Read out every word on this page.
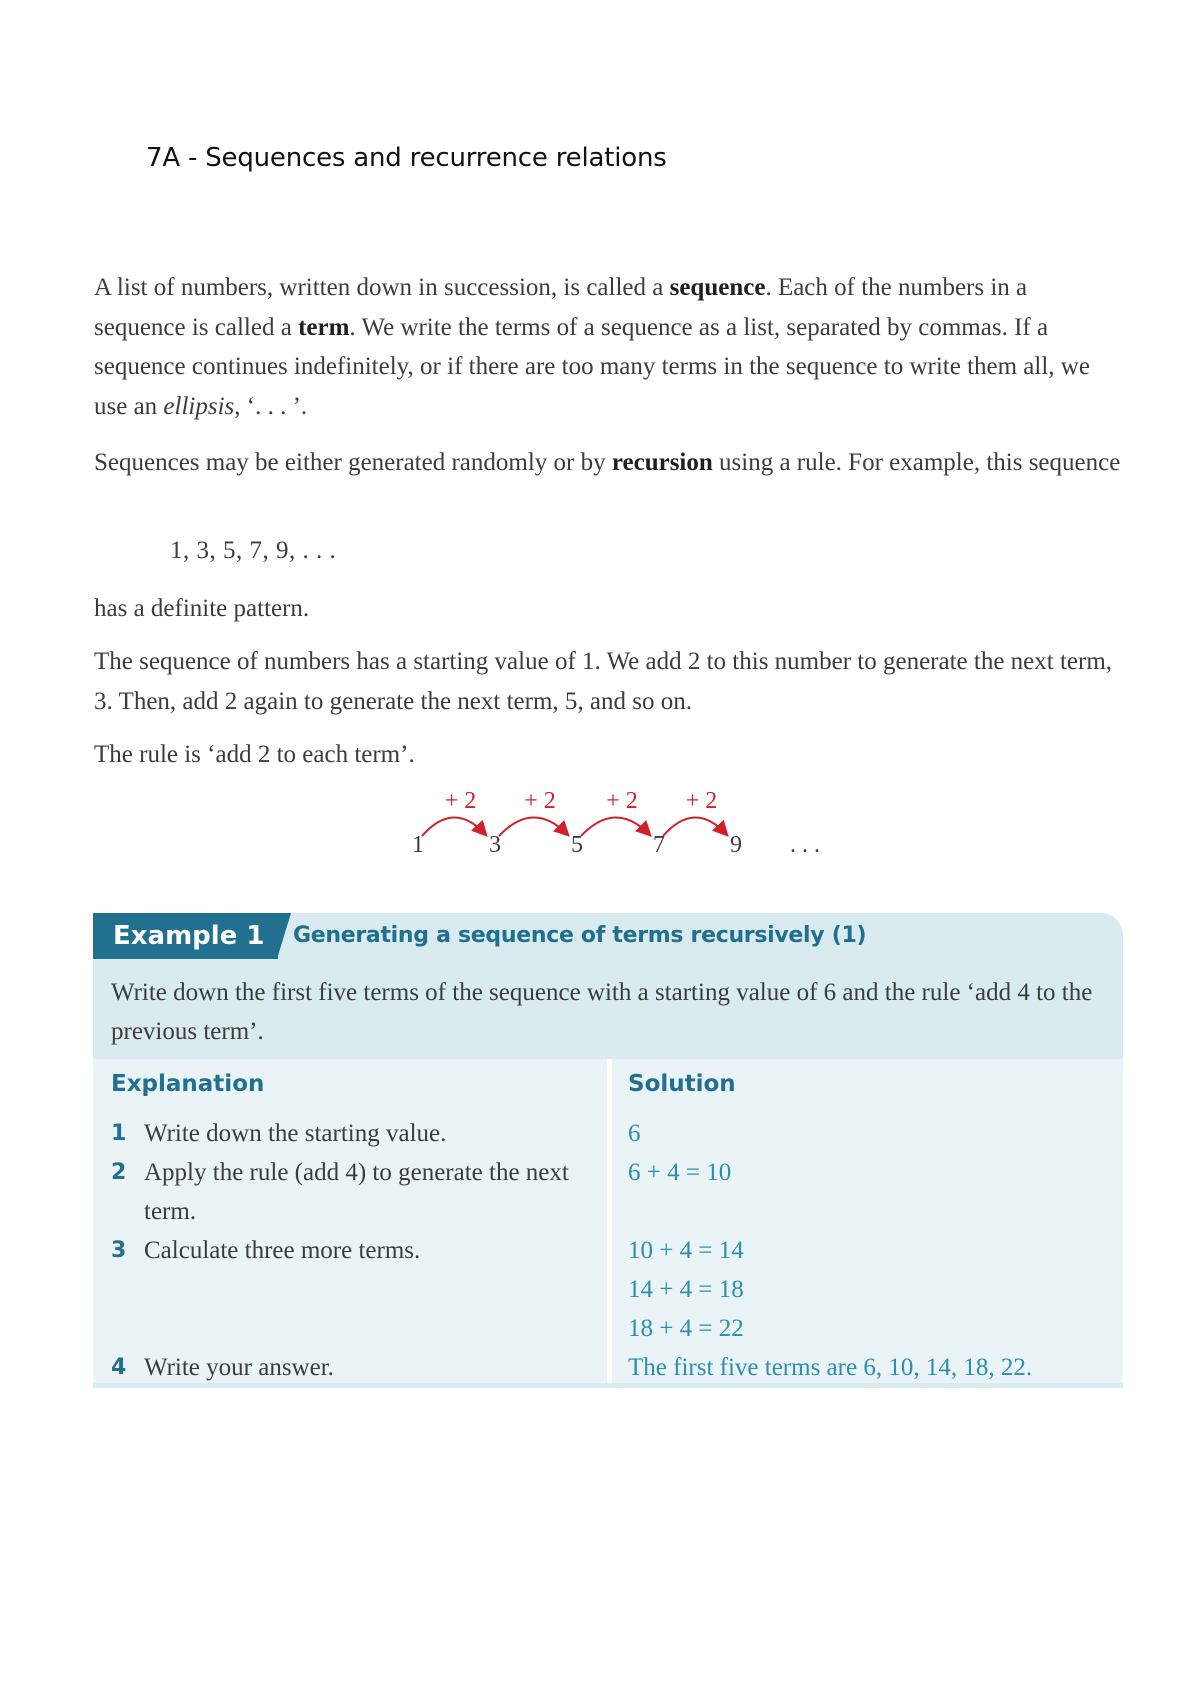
7A - Sequences and recurrence relations

A list of numbers, written down in succession, is called a sequence. Each of the numbers in a sequence is called a term. We write the terms of a sequence as a list, separated by commas. If a sequence continues indefinitely, or if there are too many terms in the sequence to write them all, we use an ellipsis, ‘. . . ’.

Sequences may be either generated randomly or by recursion using a rule. For example, this sequence

1, 3, 5, 7, 9, . . .

has a definite pattern.

The sequence of numbers has a starting value of 1. We add 2 to this number to generate the next term, 3. Then, add 2 again to generate the next term, 5, and so on.

The rule is ‘add 2 to each term’.

1
+ 2
3
+ 2
5
+ 2
7
+ 2
9 . . .
Example 1	Generating a sequence of terms recursively (1)

Write down the first five terms of the sequence with a starting value of 6 and the rule ‘add 4 to the previous term’.

Explanation	Solution
1 Write down the starting value.
2 Apply the rule (add 4) to generate the next term.
3 Calculate three more terms.
4 Write your answer.
6
6 + 4 = 10
10 + 4 = 14
14 + 4 = 18
18 + 4 = 22
The first five terms are 6, 10, 14, 18, 22.
